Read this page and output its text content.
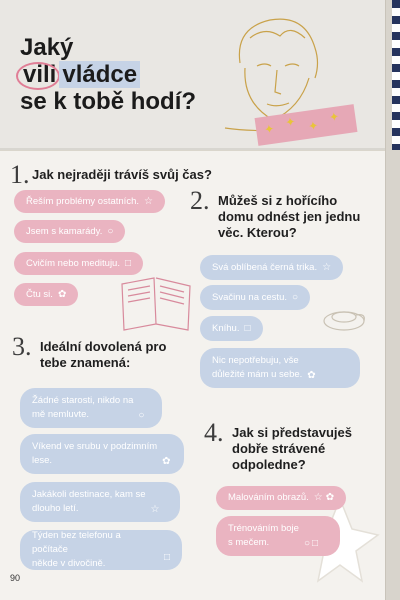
✦ ✦ ✦
✦
Jaký
vili vládce
se k tobě hodí?
1. Jak nejraději trávíš svůj čas?
Řeším problémy ostatních. ☆
Jsem s kamarády. ○
Cvičím nebo medituju. □
Čtu si. ✿
2. Můžeš si z hořícího
domu odnést jen jednu
věc. Kterou?
Svá oblíbená černá trika. ☆
Svačinu na cestu. ○
Kníhu. □
Nic nepotřebuju, vše
důležité mám u sebe. ✿
3. Ideální dovolená pro
tebe znamená:
Žádné starosti, nikdo na
mě nemluvte.	○
Víkend ve srubu v podzimním
lese.	✿
Jakákoli destinace, kam se
dlouho letí.	☆
Týden bez telefonu a počítače
někde v divočině.
□
4. Jak si představuješ
dobře strávené
odpoledne?
Malováním obrazů. ☆ ✿
Trénováním boje
s mečem.	○ □
90
